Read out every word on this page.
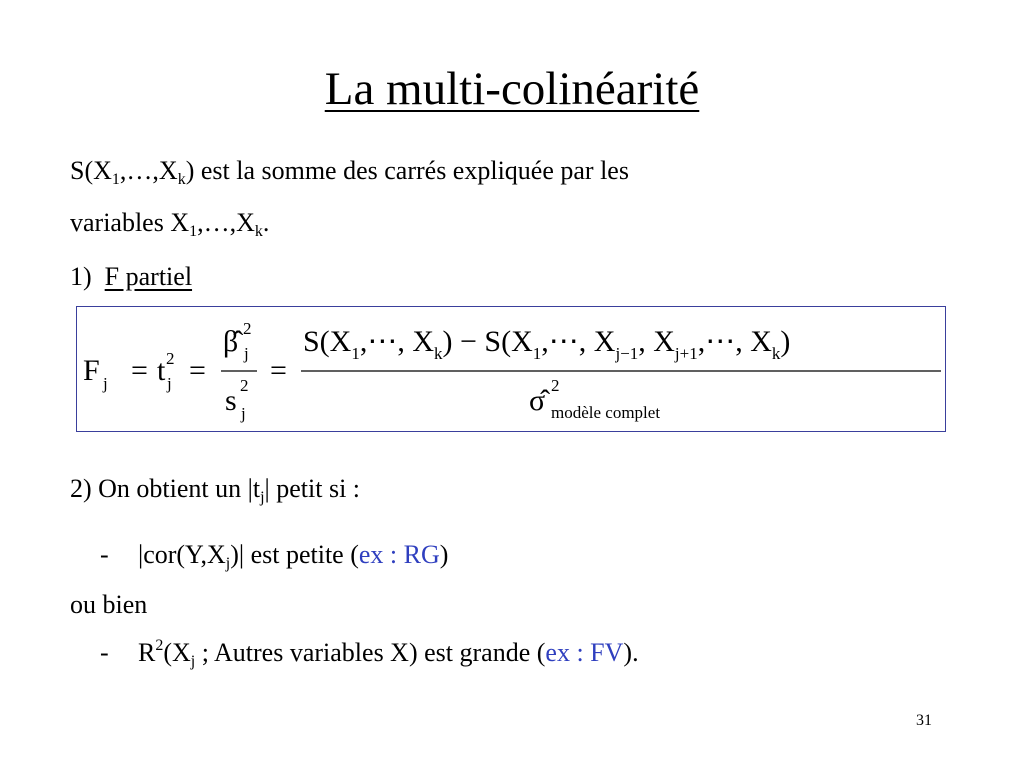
La multi-colinéarité
$S(X_1,\dots,X_k)$ est la somme des carrés expliquée par les
variables $X_1,\dots,X_k$.
1) F partiel
F j = t 2
j =
β̂ 2
j
s 2
j
=
$S(X_1,\cdots$, $X_k$) − $S(X_1,\cdots$, $X_{j-1}$, $X_{j+1},\cdots$, $X_k$)
σ̂ 2
modèle complet
2) On obtient un $|t_j|$ petit si :
- $|cor(Y,X_j)|$ est petite (ex : RG)
ou bien
- $R^2(X_j$ ; Autres variables X) est grande (ex : FV).
31
